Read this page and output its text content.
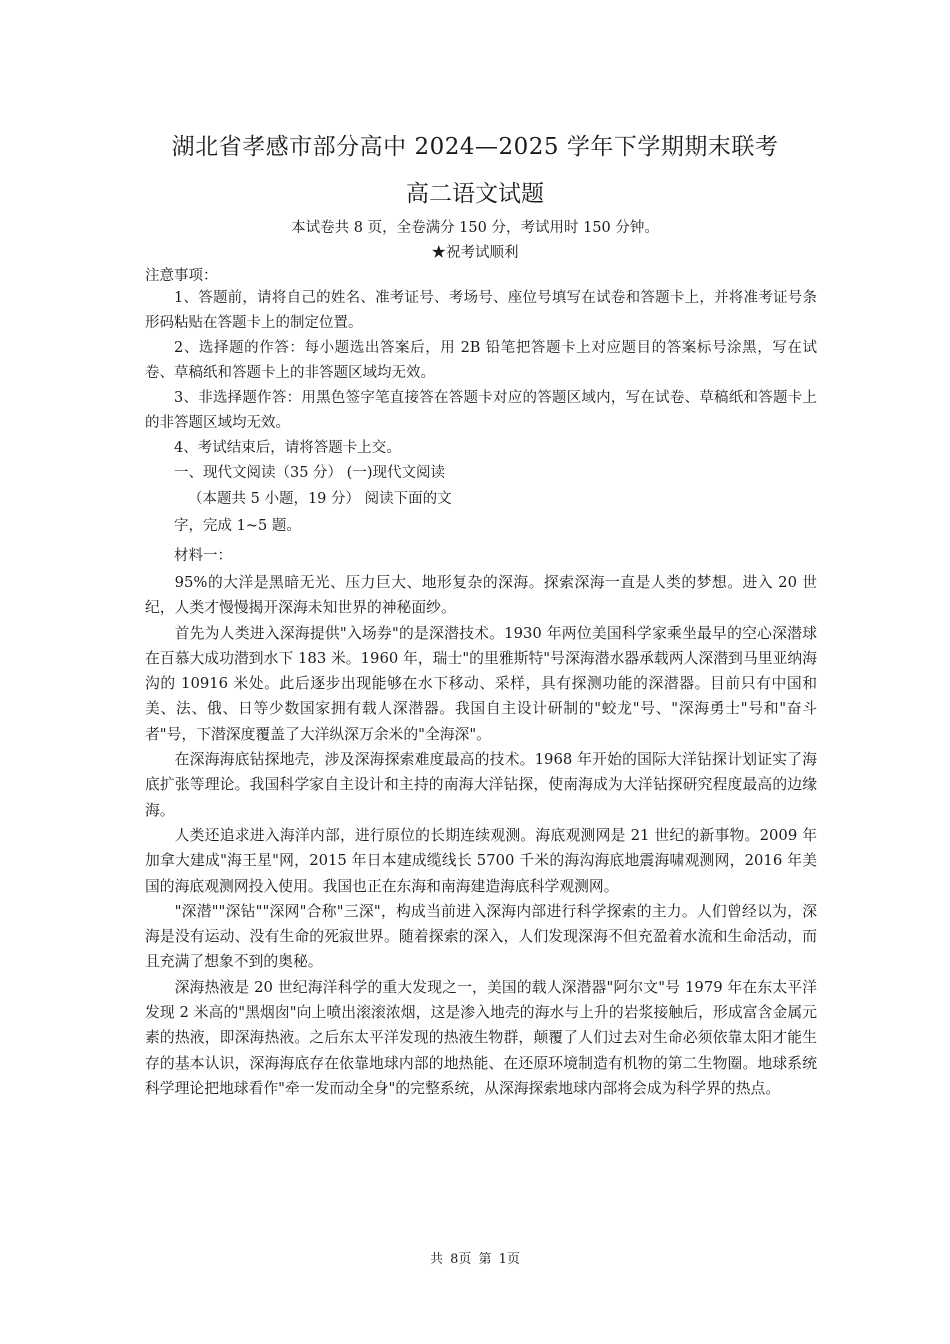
湖北省孝感市部分高中 2024—2025 学年下学期期末联考
高二语文试题
本试卷共 8 页，全卷满分 150 分，考试用时 150 分钟。
★祝考试顺利
注意事项：

1、答题前，请将自己的姓名、准考证号、考场号、座位号填写在试卷和答题卡上，并将准考证号条形码粘贴在答题卡上的制定位置。

2、选择题的作答：每小题选出答案后，用 2B 铅笔把答题卡上对应题目的答案标号涂黑，写在试卷、草稿纸和答题卡上的非答题区域均无效。

3、非选择题作答：用黑色签字笔直接答在答题卡对应的答题区域内，写在试卷、草稿纸和答题卡上的非答题区域均无效。

4、考试结束后，请将答题卡上交。

一、现代文阅读（35 分） (一)现代文阅读
（本题共 5 小题，19 分） 阅读下面的文
字，完成 1~5 题。
材料一：

95%的大洋是黑暗无光、压力巨大、地形复杂的深海。探索深海一直是人类的梦想。进入 20 世纪，人类才慢慢揭开深海未知世界的神秘面纱。

首先为人类进入深海提供"入场券"的是深潜技术。1930 年两位美国科学家乘坐最早的空心深潜球在百慕大成功潜到水下 183 米。1960 年，瑞士"的里雅斯特"号深海潜水器承载两人深潜到马里亚纳海沟的 10916 米处。此后逐步出现能够在水下移动、采样，具有探测功能的深潜器。目前只有中国和美、法、俄、日等少数国家拥有载人深潜器。我国自主设计研制的"蛟龙"号、"深海勇士"号和"奋斗者"号，下潜深度覆盖了大洋纵深万余米的"全海深"。

在深海海底钻探地壳，涉及深海探索难度最高的技术。1968 年开始的国际大洋钻探计划证实了海底扩张等理论。我国科学家自主设计和主持的南海大洋钻探，使南海成为大洋钻探研究程度最高的边缘海。

人类还追求进入海洋内部，进行原位的长期连续观测。海底观测网是 21 世纪的新事物。2009 年加拿大建成"海王星"网，2015 年日本建成缆线长 5700 千米的海沟海底地震海啸观测网，2016 年美国的海底观测网投入使用。我国也正在东海和南海建造海底科学观测网。

"深潜""深钻""深网"合称"三深"，构成当前进入深海内部进行科学探索的主力。人们曾经以为，深海是没有运动、没有生命的死寂世界。随着探索的深入，人们发现深海不但充盈着水流和生命活动，而且充满了想象不到的奥秘。

深海热液是 20 世纪海洋科学的重大发现之一，美国的载人深潜器"阿尔文"号 1979 年在东太平洋发现 2 米高的"黑烟囱"向上喷出滚滚浓烟，这是渗入地壳的海水与上升的岩浆接触后，形成富含金属元素的热液，即深海热液。之后东太平洋发现的热液生物群，颠覆了人们过去对生命必须依靠太阳才能生存的基本认识，深海海底存在依靠地球内部的地热能、在还原环境制造有机物的第二生物圈。地球系统科学理论把地球看作"牵一发而动全身"的完整系统，从深海探索地球内部将会成为科学界的热点。

共 8页 第 1页
